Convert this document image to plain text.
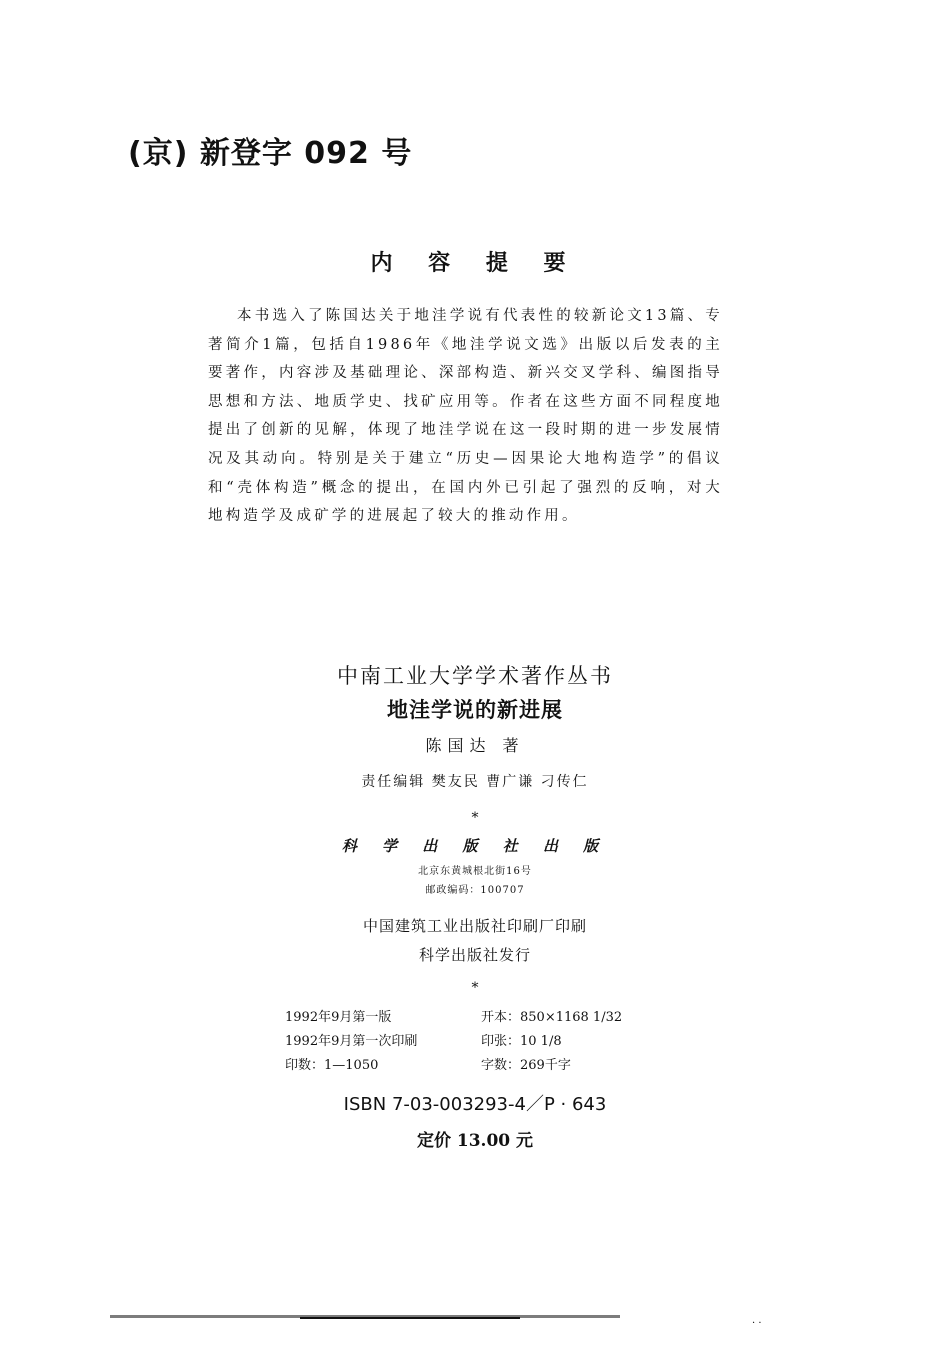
(京) 新登字 092 号
内 容 提 要
本书选入了陈国达关于地洼学说有代表性的较新论文13篇、专著简介1篇，包括自1986年《地洼学说文选》出版以后发表的主要著作，内容涉及基础理论、深部构造、新兴交叉学科、编图指导思想和方法、地质学史、找矿应用等。作者在这些方面不同程度地提出了创新的见解，体现了地洼学说在这一段时期的进一步发展情况及其动向。特别是关于建立“历史—因果论大地构造学”的倡议和“壳体构造”概念的提出，在国内外已引起了强烈的反响，对大地构造学及成矿学的进展起了较大的推动作用。
中南工业大学学术著作丛书
地洼学说的新进展
陈国达 著
责任编辑 樊友民 曹广谦 刁传仁
*
科 学 出 版 社 出 版
北京东黄城根北街16号
邮政编码：100707
中国建筑工业出版社印刷厂印刷
科学出版社发行
*
1992年9月第一版	开本：850×1168 1/32
1992年9月第一次印刷	印张：10 1/8
印数：1—1050	字数：269千字
ISBN 7-03-003293-4／P · 643
定价 13.00 元
· ·
